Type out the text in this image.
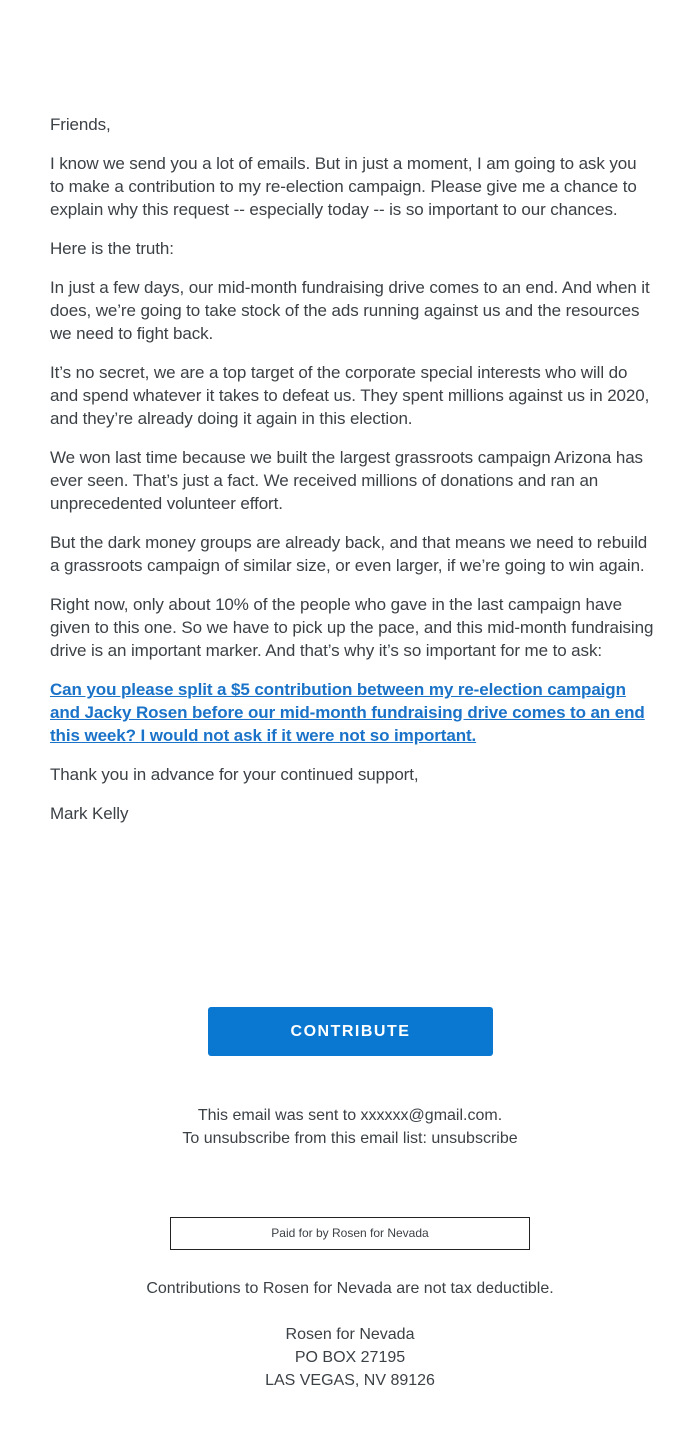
Friends,

I know we send you a lot of emails. But in just a moment, I am going to ask you to make a contribution to my re-election campaign. Please give me a chance to explain why this request -- especially today -- is so important to our chances.

Here is the truth:

In just a few days, our mid-month fundraising drive comes to an end. And when it does, we’re going to take stock of the ads running against us and the resources we need to fight back.

It’s no secret, we are a top target of the corporate special interests who will do and spend whatever it takes to defeat us. They spent millions against us in 2020, and they’re already doing it again in this election.

We won last time because we built the largest grassroots campaign Arizona has ever seen. That’s just a fact. We received millions of donations and ran an unprecedented volunteer effort.

But the dark money groups are already back, and that means we need to rebuild a grassroots campaign of similar size, or even larger, if we’re going to win again.

Right now, only about 10% of the people who gave in the last campaign have given to this one. So we have to pick up the pace, and this mid-month fundraising drive is an important marker. And that’s why it’s so important for me to ask:

Can you please split a $5 contribution between my re-election campaign and Jacky Rosen before our mid-month fundraising drive comes to an end this week? I would not ask if it were not so important.

Thank you in advance for your continued support,

Mark Kelly

CONTRIBUTE
This email was sent to xxxxxx@gmail.com.
To unsubscribe from this email list: unsubscribe
Paid for by Rosen for Nevada
Contributions to Rosen for Nevada are not tax deductible.
Rosen for Nevada
PO BOX 27195
LAS VEGAS, NV 89126
